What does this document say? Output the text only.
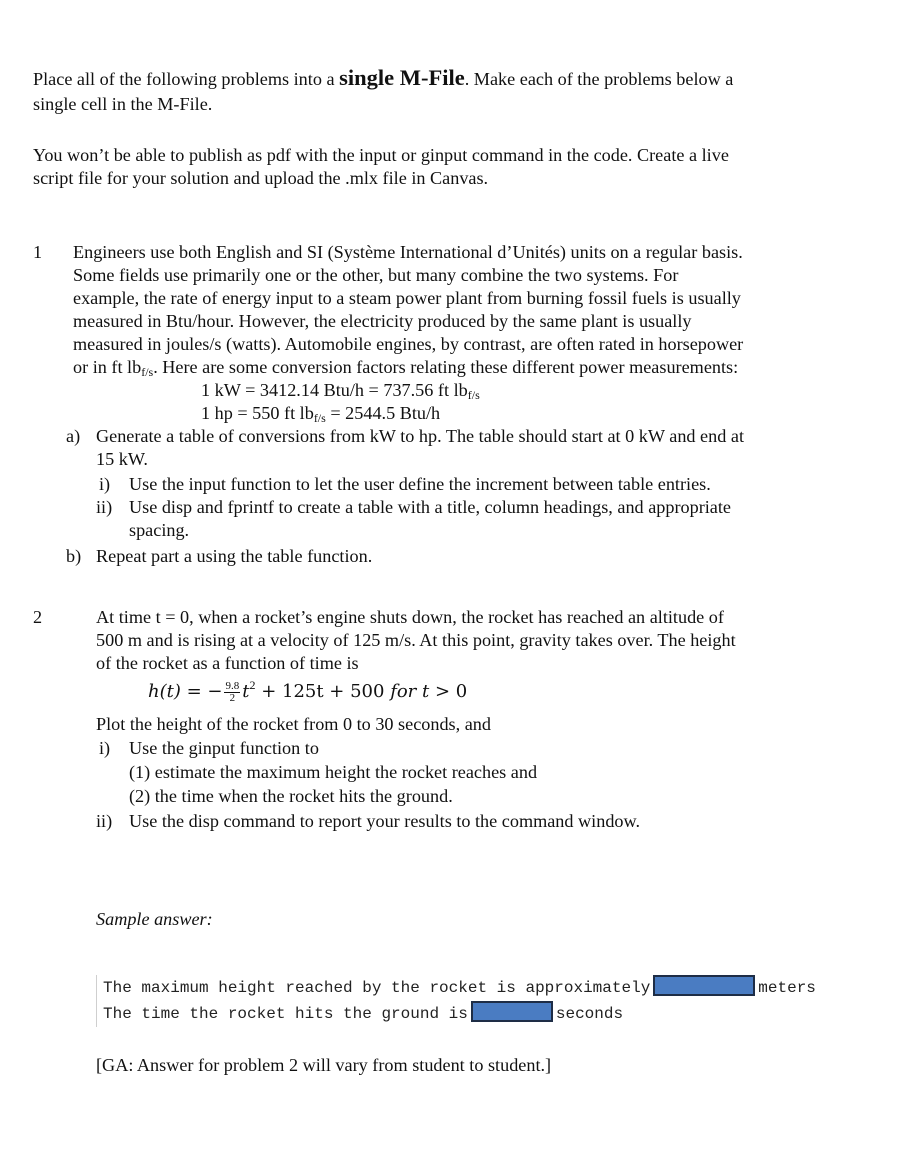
Place all of the following problems into a single M-File. Make each of the problems below a
single cell in the M-File.
You won’t be able to publish as pdf with the input or ginput command in the code. Create a live
script file for your solution and upload the .mlx file in Canvas.
1 Engineers use both English and SI (Système International d’Unités) units on a regular basis.
Some fields use primarily one or the other, but many combine the two systems. For
example, the rate of energy input to a steam power plant from burning fossil fuels is usually
measured in Btu/hour. However, the electricity produced by the same plant is usually
measured in joules/s (watts). Automobile engines, by contrast, are often rated in horsepower
or in ft $lb_{f/s}$. Here are some conversion factors relating these different power measurements:
1 kW = 3412.14 Btu/h = 737.56 ft $lb_{f/s}$
1 hp = 550 ft $lb_{f/s} = 2544.5$ Btu/h
a) Generate a table of conversions from kW to hp. The table should start at 0 kW and end at
15 kW.
i) Use the input function to let the user define the increment between table entries.
ii) Use disp and fprintf to create a table with a title, column headings, and appropriate
spacing.
b) Repeat part a using the table function.
2	At time t = 0, when a rocket’s engine shuts down, the rocket has reached an altitude of
500 m and is rising at a velocity of 125 m/s. At this point, gravity takes over. The height
of the rocket as a function of time is
h(t) = − $\frac{9.8}{2} t^2 + 125t + 500$ for t > 0
Plot the height of the rocket from 0 to 30 seconds, and
i) Use the ginput function to
(1) estimate the maximum height the rocket reaches and
(2) the time when the rocket hits the ground.
ii) Use the disp command to report your results to the command window.
Sample answer:
The maximum height reached by the rocket is approximately	meters
The time the rocket hits the ground is	seconds
[GA: Answer for problem 2 will vary from student to student.]
